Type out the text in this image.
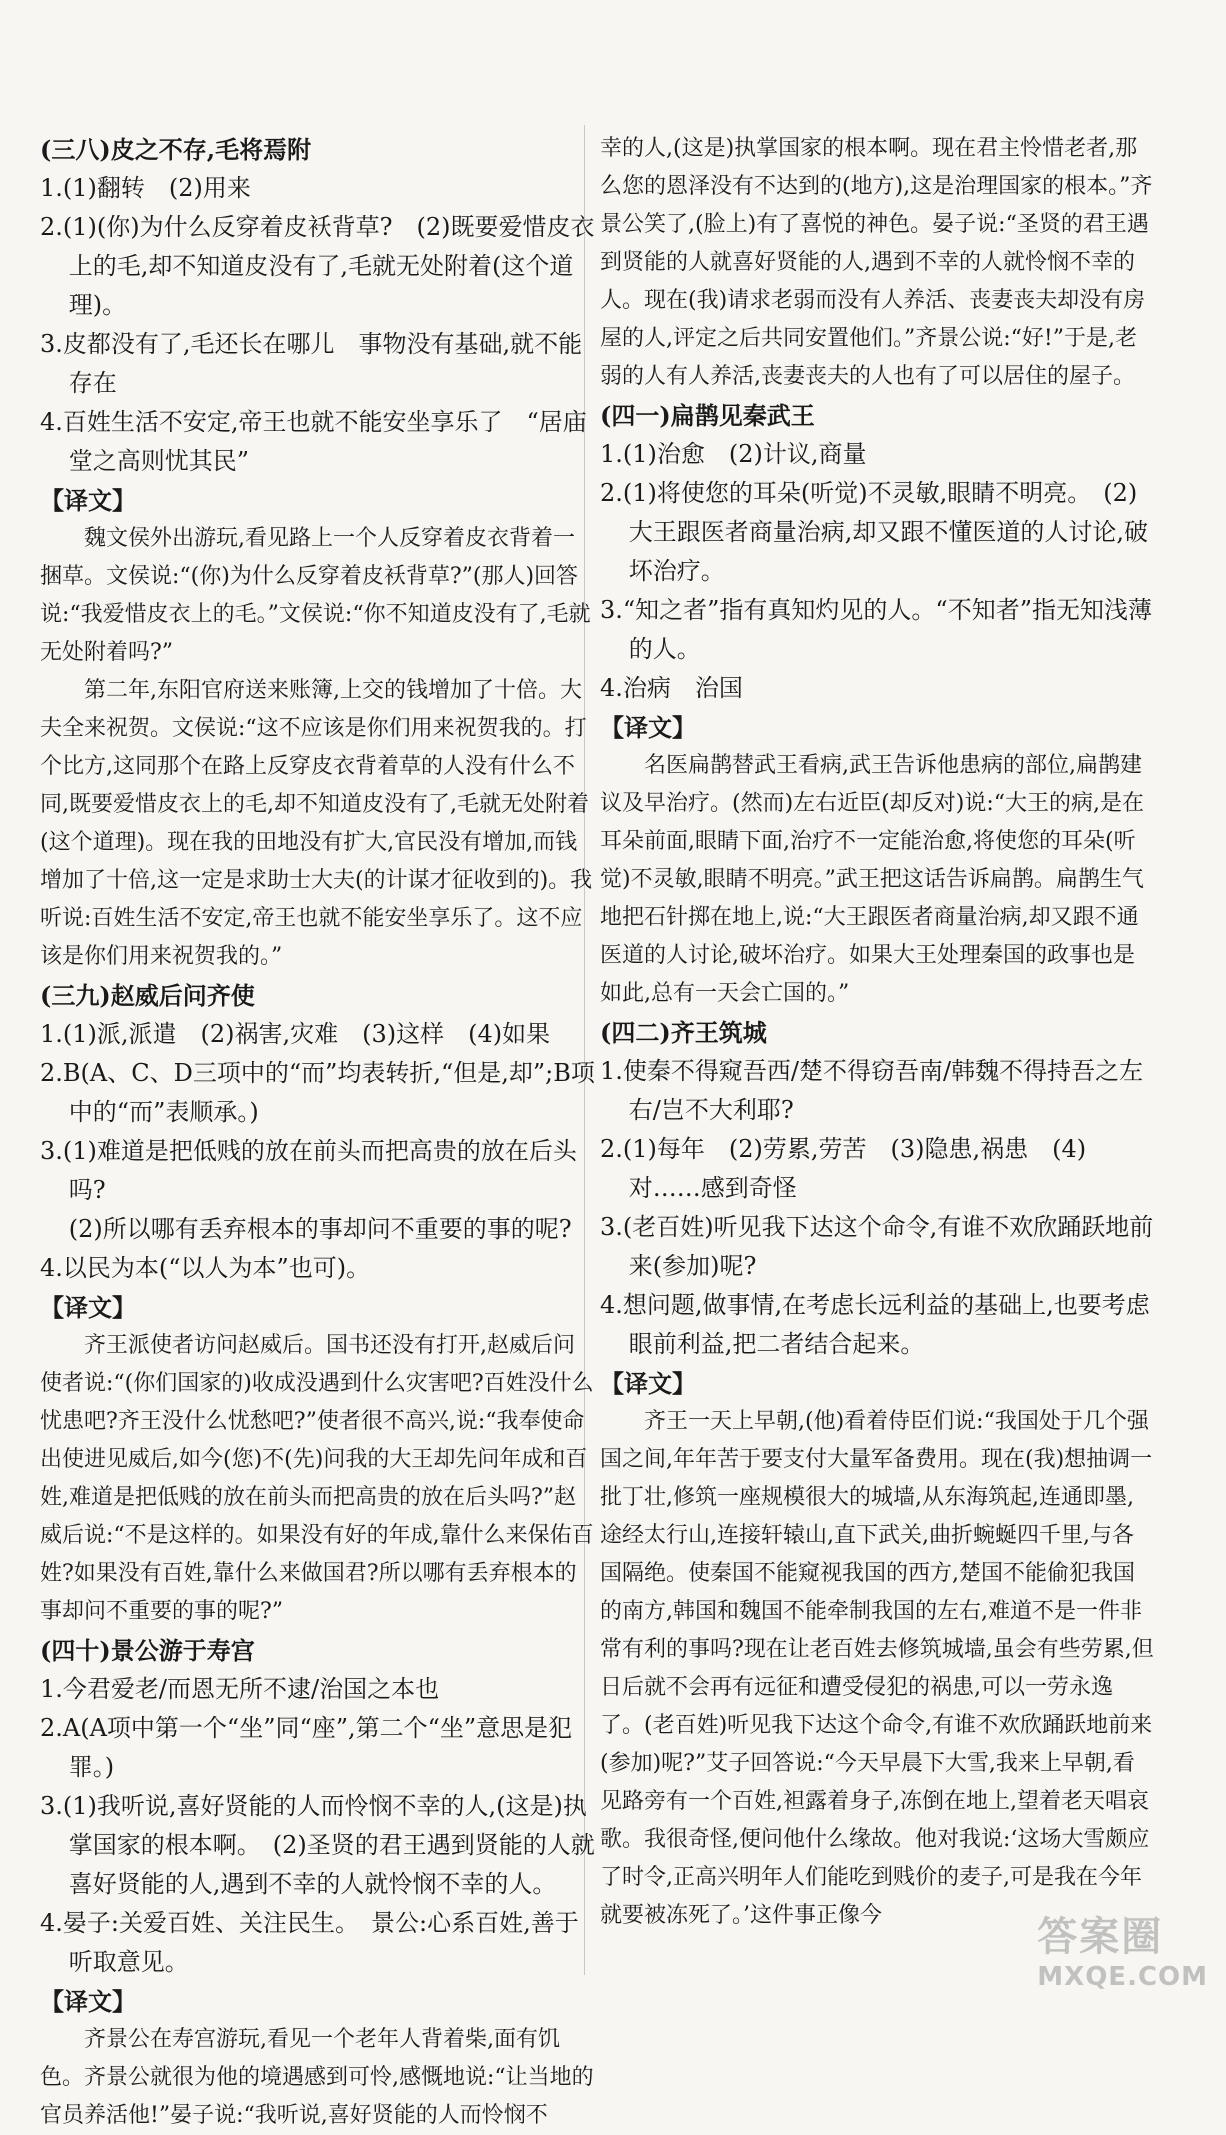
(三八)皮之不存,毛将焉附

1.(1)翻转　(2)用来

2.(1)(你)为什么反穿着皮袄背草?　(2)既要爱惜皮衣上的毛,却不知道皮没有了,毛就无处附着(这个道理)。

3.皮都没有了,毛还长在哪儿　事物没有基础,就不能存在

4.百姓生活不安定,帝王也就不能安坐享乐了　“居庙堂之高则忧其民”

【译文】

魏文侯外出游玩,看见路上一个人反穿着皮衣背着一捆草。文侯说:“(你)为什么反穿着皮袄背草?”(那人)回答说:“我爱惜皮衣上的毛。”文侯说:“你不知道皮没有了,毛就无处附着吗?”

第二年,东阳官府送来账簿,上交的钱增加了十倍。大夫全来祝贺。文侯说:“这不应该是你们用来祝贺我的。打个比方,这同那个在路上反穿皮衣背着草的人没有什么不同,既要爱惜皮衣上的毛,却不知道皮没有了,毛就无处附着(这个道理)。现在我的田地没有扩大,官民没有增加,而钱增加了十倍,这一定是求助士大夫(的计谋才征收到的)。我听说:百姓生活不安定,帝王也就不能安坐享乐了。这不应该是你们用来祝贺我的。”

(三九)赵威后问齐使

1.(1)派,派遣　(2)祸害,灾难　(3)这样　(4)如果

2.B(A、C、D三项中的“而”均表转折,“但是,却”;B项中的“而”表顺承。)

3.(1)难道是把低贱的放在前头而把高贵的放在后头吗?

(2)所以哪有丢弃根本的事却问不重要的事的呢?

4.以民为本(“以人为本”也可)。

【译文】

齐王派使者访问赵威后。国书还没有打开,赵威后问使者说:“(你们国家的)收成没遇到什么灾害吧?百姓没什么忧患吧?齐王没什么忧愁吧?”使者很不高兴,说:“我奉使命出使进见威后,如今(您)不(先)问我的大王却先问年成和百姓,难道是把低贱的放在前头而把高贵的放在后头吗?”赵威后说:“不是这样的。如果没有好的年成,靠什么来保佑百姓?如果没有百姓,靠什么来做国君?所以哪有丢弃根本的事却问不重要的事的呢?”

(四十)景公游于寿宫

1.今君爱老/而恩无所不逮/治国之本也

2.A(A项中第一个“坐”同“座”,第二个“坐”意思是犯罪。)

3.(1)我听说,喜好贤能的人而怜悯不幸的人,(这是)执掌国家的根本啊。　(2)圣贤的君王遇到贤能的人就喜好贤能的人,遇到不幸的人就怜悯不幸的人。

4.晏子:关爱百姓、关注民生。　景公:心系百姓,善于听取意见。

【译文】

齐景公在寿宫游玩,看见一个老年人背着柴,面有饥色。齐景公就很为他的境遇感到可怜,感慨地说:“让当地的官员养活他!”晏子说:“我听说,喜好贤能的人而怜悯不

幸的人,(这是)执掌国家的根本啊。现在君主怜惜老者,那么您的恩泽没有不达到的(地方),这是治理国家的根本。”齐景公笑了,(脸上)有了喜悦的神色。晏子说:“圣贤的君王遇到贤能的人就喜好贤能的人,遇到不幸的人就怜悯不幸的人。现在(我)请求老弱而没有人养活、丧妻丧夫却没有房屋的人,评定之后共同安置他们。”齐景公说:“好!”于是,老弱的人有人养活,丧妻丧夫的人也有了可以居住的屋子。

(四一)扁鹊见秦武王

1.(1)治愈　(2)计议,商量

2.(1)将使您的耳朵(听觉)不灵敏,眼睛不明亮。　(2)大王跟医者商量治病,却又跟不懂医道的人讨论,破坏治疗。

3.“知之者”指有真知灼见的人。“不知者”指无知浅薄的人。

4.治病　治国

【译文】

名医扁鹊替武王看病,武王告诉他患病的部位,扁鹊建议及早治疗。(然而)左右近臣(却反对)说:“大王的病,是在耳朵前面,眼睛下面,治疗不一定能治愈,将使您的耳朵(听觉)不灵敏,眼睛不明亮。”武王把这话告诉扁鹊。扁鹊生气地把石针掷在地上,说:“大王跟医者商量治病,却又跟不通医道的人讨论,破坏治疗。如果大王处理秦国的政事也是如此,总有一天会亡国的。”

(四二)齐王筑城

1.使秦不得窥吾西/楚不得窃吾南/韩魏不得持吾之左右/岂不大利耶?

2.(1)每年　(2)劳累,劳苦　(3)隐患,祸患　(4)对……感到奇怪

3.(老百姓)听见我下达这个命令,有谁不欢欣踊跃地前来(参加)呢?

4.想问题,做事情,在考虑长远利益的基础上,也要考虑眼前利益,把二者结合起来。

【译文】

齐王一天上早朝,(他)看着侍臣们说:“我国处于几个强国之间,年年苦于要支付大量军备费用。现在(我)想抽调一批丁壮,修筑一座规模很大的城墙,从东海筑起,连通即墨,途经太行山,连接轩辕山,直下武关,曲折蜿蜒四千里,与各国隔绝。使秦国不能窥视我国的西方,楚国不能偷犯我国的南方,韩国和魏国不能牵制我国的左右,难道不是一件非常有利的事吗?现在让老百姓去修筑城墙,虽会有些劳累,但日后就不会再有远征和遭受侵犯的祸患,可以一劳永逸了。(老百姓)听见我下达这个命令,有谁不欢欣踊跃地前来(参加)呢?”艾子回答说:“今天早晨下大雪,我来上早朝,看见路旁有一个百姓,袒露着身子,冻倒在地上,望着老天唱哀歌。我很奇怪,便问他什么缘故。他对我说:‘这场大雪颇应了时令,正高兴明年人们能吃到贱价的麦子,可是我在今年就要被冻死了。’这件事正像今	答案圈
MXQE.COM
